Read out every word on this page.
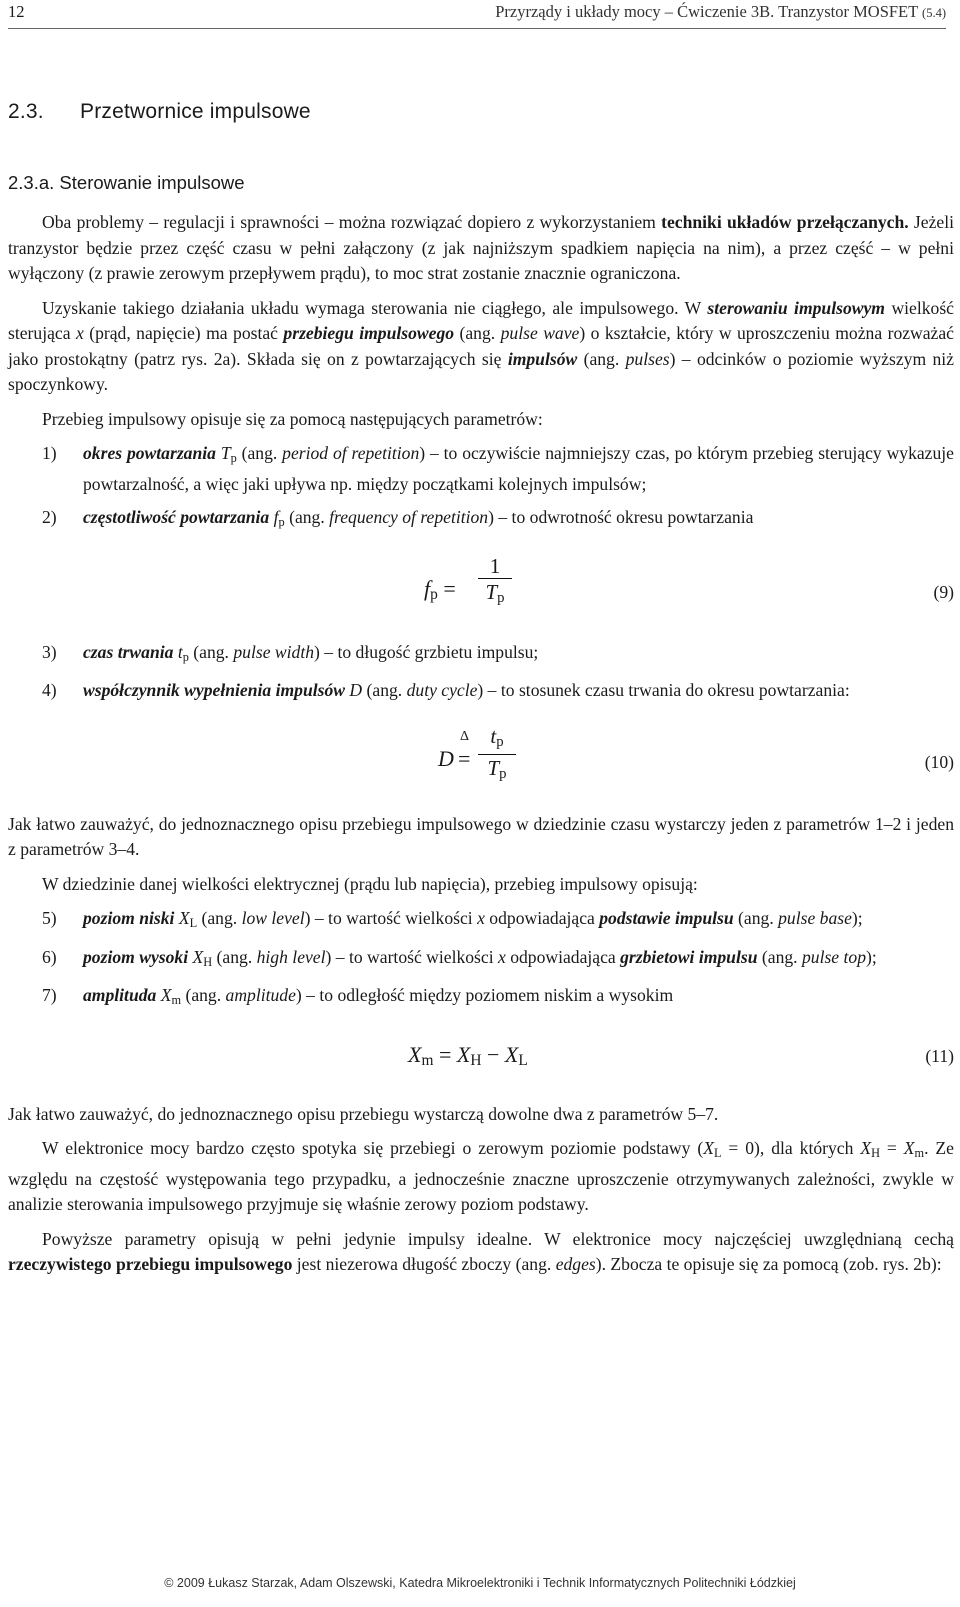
12	Przyrządy i układy mocy – Ćwiczenie 3B. Tranzystor MOSFET (5.4)
2.3. Przetwornice impulsowe
2.3.a. Sterowanie impulsowe

Oba problemy – regulacji i sprawności – można rozwiązać dopiero z wykorzystaniem techniki układów przełączanych. Jeżeli tranzystor będzie przez część czasu w pełni załączony (z jak najniższym spadkiem napięcia na nim), a przez część – w pełni wyłączony (z prawie zerowym przepływem prądu), to moc strat zostanie znacznie ograniczona.

Uzyskanie takiego działania układu wymaga sterowania nie ciągłego, ale impulsowego. W sterowaniu impulsowym wielkość sterująca x (prąd, napięcie) ma postać przebiegu impulsowego (ang. pulse wave) o kształcie, który w uproszczeniu można rozważać jako prostokątny (patrz rys. 2a). Składa się on z powtarzających się impulsów (ang. pulses) – odcinków o poziomie wyższym niż spoczynkowy.

Przebieg impulsowy opisuje się za pomocą następujących parametrów:

1) okres powtarzania $T_p$ (ang. period of repetition) – to oczywiście najmniejszy czas, po którym przebieg sterujący wykazuje powtarzalność, a więc jaki upływa np. między początkami kolejnych impulsów;
2) częstotliwość powtarzania $f_p$ (ang. frequency of repetition) – to odwrotność okresu powtarzania
fp =
1
$T_p$	(9)
3) czas trwania $t_p$ (ang. pulse width) – to długość grzbietu impulsu;
4) współczynnik wypełnienia impulsów D (ang. duty cycle) – to stosunek czasu trwania do okresu powtarzania:
D
Δ
=
$t_p$
$T_p$
(10)

Jak łatwo zauważyć, do jednoznacznego opisu przebiegu impulsowego w dziedzinie czasu wystarczy jeden z parametrów 1–2 i jeden z parametrów 3–4.

W dziedzinie danej wielkości elektrycznej (prądu lub napięcia), przebieg impulsowy opisują:

5) poziom niski $X_L$ (ang. low level) – to wartość wielkości x odpowiadająca podstawie impulsu (ang. pulse base);
6) poziom wysoki $X_H$ (ang. high level) – to wartość wielkości x odpowiadająca grzbietowi impulsu (ang. pulse top);
7) amplituda $X_m$ (ang. amplitude) – to odległość między poziomem niskim a wysokim
Xm = XH − XL	(11)

Jak łatwo zauważyć, do jednoznacznego opisu przebiegu wystarczą dowolne dwa z parametrów 5–7.

W elektronice mocy bardzo często spotyka się przebiegi o zerowym poziomie podstawy $(X_L = 0)$, dla których $X_H = X_m$. Ze względu na częstość występowania tego przypadku, a jednocześnie znaczne uproszczenie otrzymywanych zależności, zwykle w analizie sterowania impulsowego przyjmuje się właśnie zerowy poziom podstawy.

Powyższe parametry opisują w pełni jedynie impulsy idealne. W elektronice mocy najczęściej uwzględnianą cechą rzeczywistego przebiegu impulsowego jest niezerowa długość zboczy (ang. edges). Zbocza te opisuje się za pomocą (zob. rys. 2b):

© 2009 Łukasz Starzak, Adam Olszewski, Katedra Mikroelektroniki i Technik Informatycznych Politechniki Łódzkiej
